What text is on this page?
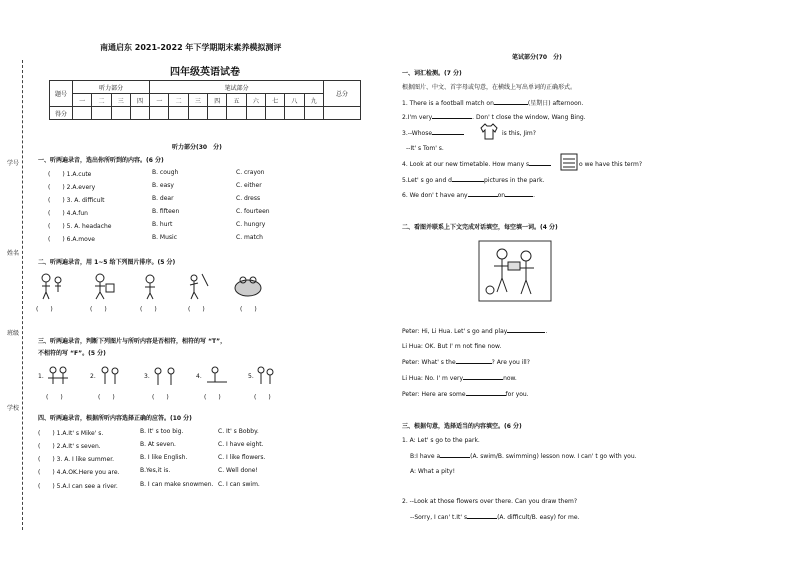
学号
姓名
班级
学校
南通启东 2021-2022 年下学期期末素养模拟测评
四年级英语试卷
题号	听力部分				笔试部分									总分
	一	二	三	四	一	二	三	四	五	六	七	八	九	
得分														
听力部分(30　分)
一、听两遍录音，选出你所听到的内容。(6 分)
(　　) 1.A.cute	B. cough	C. crayon
(　　) 2.A.every	B. easy	C. either
(　　) 3. A. difficult	B. dear	C. dress
(　　) 4.A.fun	B. fifteen	C. fourteen
(　　) 5. A. headache	B. hurt	C. hungry
(　　) 6.A.move	B. Music	C. match
二、听两遍录音，用 1~5 给下列图片排序。(5 分)
(　　)	(　　)	(　　)	(　　)	(　　)
三、听两遍录音，判断下列图片与所听内容是否相符，相符的写 “T”，
不相符的写 “F”。(5 分)
1.	2.	3.	4.	5.
(　　)	(　　)	(　　)	(　　)	(　　)
四、听两遍录音，根据所听内容选择正确的应答。(10 分)
(　　) 1.A.It' s Mike' s.	B. It' s too big.	C. It' s Bobby.
(　　) 2.A.It' s seven.	B. At seven.	C. I have eight.
(　　) 3. A. I like summer.	B. I like English.	C. I like flowers.
(　　) 4.A.OK.Here you are.	B.Yes,it is.	C. Well done!
(　　) 5.A.I can see a river.	B. I can make snowmen. C. I can swim.
笔试部分(70　分)
一、词汇检测。(7 分)
根据图片、中文、首字母或句意，在横线上写出单词的正确形式。
1. There is a football match on	(星期日) afternoon.
2.I'm very	. Don' t close the window, Wang Bing.
3.--Whose	is this, Jim?
--It' s Tom' s.
4. Look at our new timetable. How many s	o we have this term?
5.Let' s go and d	pictures in the park.
6. We don' t have any	on	.
二、看图并联系上下文完成对话填空，每空填一词。(4 分)
Peter: Hi, Li Hua. Let' s go and play	.
Li Hua: OK. But I' m not fine now.
Peter: What' s the	? Are you ill?
Li Hua: No. I' m very	now.
Peter: Here are some	for you.
三、根据句意，选择适当的内容填空。(6 分)
1. A: Let' s go to the park.
B:I have a	(A. swim/B. swimming) lesson now. I can' t go with you.
A: What a pity!
2. --Look at those flowers over there. Can you draw them?
--Sorry, I can' t.It' s	(A. difficult/B. easy) for me.
